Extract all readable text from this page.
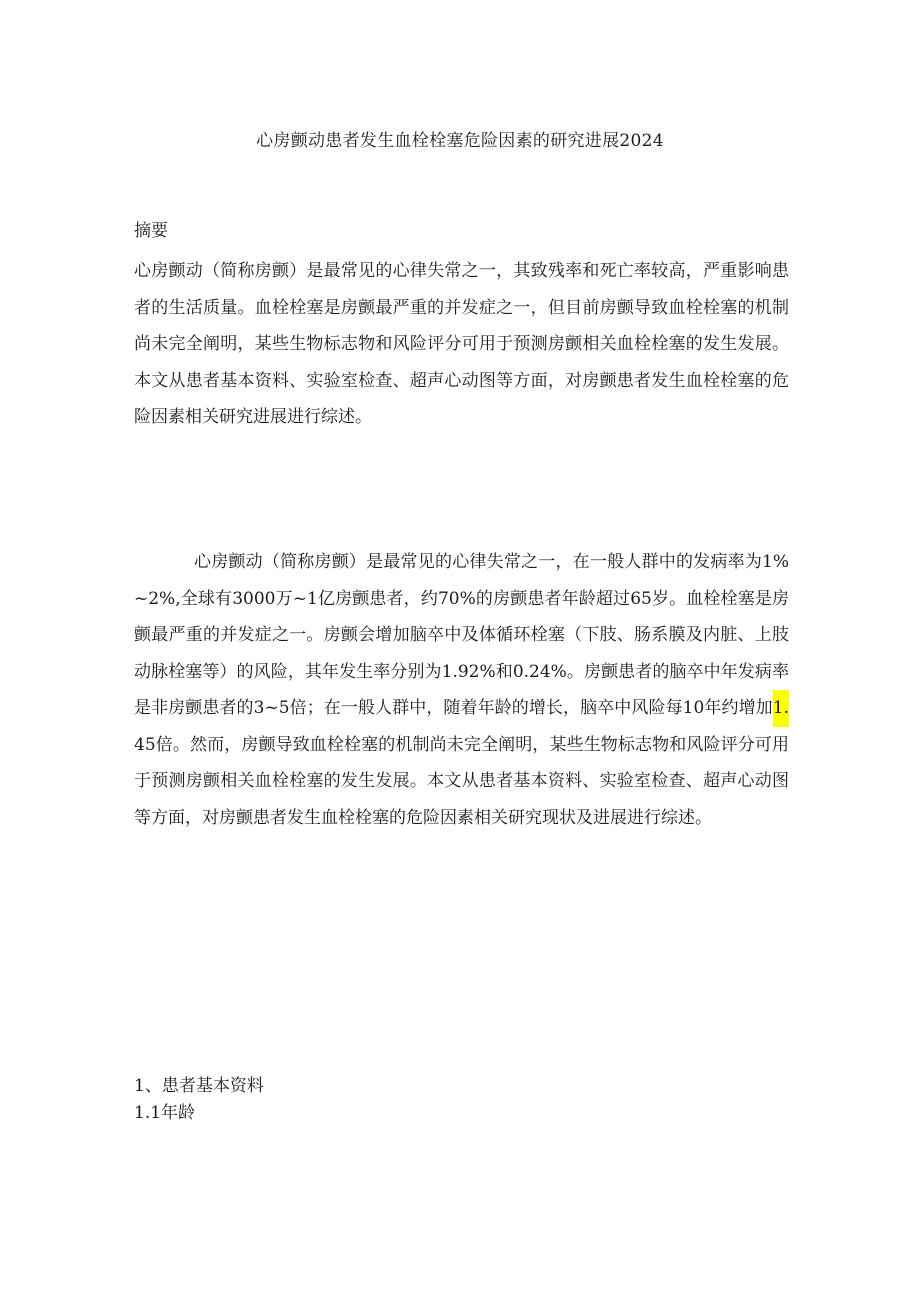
心房颤动患者发生血栓栓塞危险因素的研究进展2024
摘要

心房颤动（简称房颤）是最常见的心律失常之一，其致残率和死亡率较高，严重影响患者的生活质量。血栓栓塞是房颤最严重的并发症之一，但目前房颤导致血栓栓塞的机制尚未完全阐明，某些生物标志物和风险评分可用于预测房颤相关血栓栓塞的发生发展。本文从患者基本资料、实验室检查、超声心动图等方面，对房颤患者发生血栓栓塞的危险因素相关研究进展进行综述。

心房颤动（简称房颤）是最常见的心律失常之一，在一般人群中的发病率为1%~2%,全球有3000万~1亿房颤患者，约70%的房颤患者年龄超过65岁。血栓栓塞是房颤最严重的并发症之一。房颤会增加脑卒中及体循环栓塞（下肢、肠系膜及内脏、上肢动脉栓塞等）的风险，其年发生率分别为1.92%和0.24%。房颤患者的脑卒中年发病率是非房颤患者的3~5倍；在一般人群中，随着年龄的增长，脑卒中风险每10年约增加1.45倍。然而，房颤导致血栓栓塞的机制尚未完全阐明，某些生物标志物和风险评分可用于预测房颤相关血栓栓塞的发生发展。本文从患者基本资料、实验室检查、超声心动图等方面，对房颤患者发生血栓栓塞的危险因素相关研究现状及进展进行综述。

1、患者基本资料
1.1年龄
